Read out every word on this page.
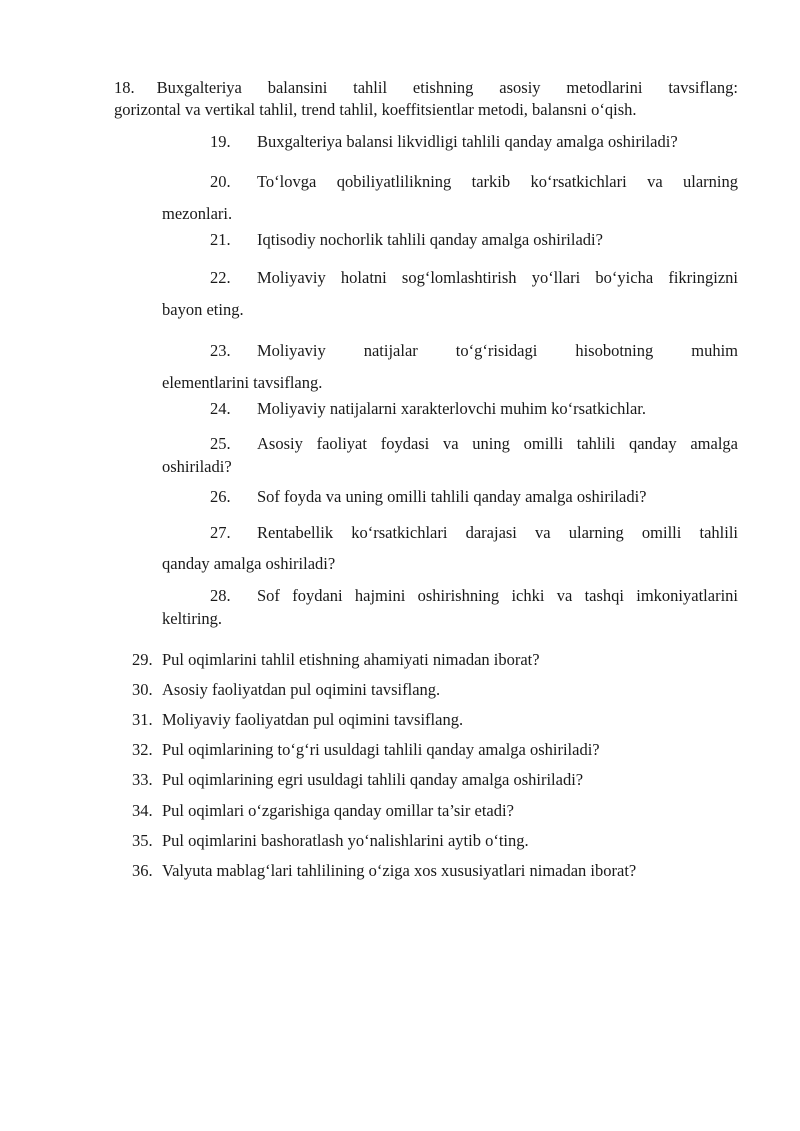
18. Buxgalteriya balansini tahlil etishning asosiy metodlarini tavsiflang:
gorizontal va vertikal tahlil, trend tahlil, koeffitsientlar metodi, balansni o‘qish.
19.	Buxgalteriya balansi likvidligi tahlili qanday amalga oshiriladi?
20.	To‘lovga qobiliyatlilikning tarkib ko‘rsatkichlari va ularning
mezonlari.
21.	Iqtisodiy nochorlik tahlili qanday amalga oshiriladi?
22.	Moliyaviy holatni sog‘lomlashtirish yo‘llari bo‘yicha fikringizni
bayon eting.
23.	Moliyaviy natijalar to‘g‘risidagi hisobotning muhim
elementlarini tavsiflang.
24.	Moliyaviy natijalarni xarakterlovchi muhim ko‘rsatkichlar.
25.	Asosiy faoliyat foydasi va uning omilli tahlili qanday amalga
oshiriladi?
26.	Sof foyda va uning omilli tahlili qanday amalga oshiriladi?
27.	Rentabellik ko‘rsatkichlari darajasi va ularning omilli tahlili
qanday amalga oshiriladi?
28.	Sof foydani hajmini oshirishning ichki va tashqi imkoniyatlarini
keltiring.
29. Pul oqimlarini tahlil etishning ahamiyati nimadan iborat?
30. Asosiy faoliyatdan pul oqimini tavsiflang.
31. Moliyaviy faoliyatdan pul oqimini tavsiflang.
32. Pul oqimlarining to‘g‘ri usuldagi tahlili qanday amalga oshiriladi?
33. Pul oqimlarining egri usuldagi tahlili qanday amalga oshiriladi?
34. Pul oqimlari o‘zgarishiga qanday omillar ta’sir etadi?
35. Pul oqimlarini bashoratlash yo‘nalishlarini aytib o‘ting.
36. Valyuta mablag‘lari tahlilining o‘ziga xos xususiyatlari nimadan iborat?
